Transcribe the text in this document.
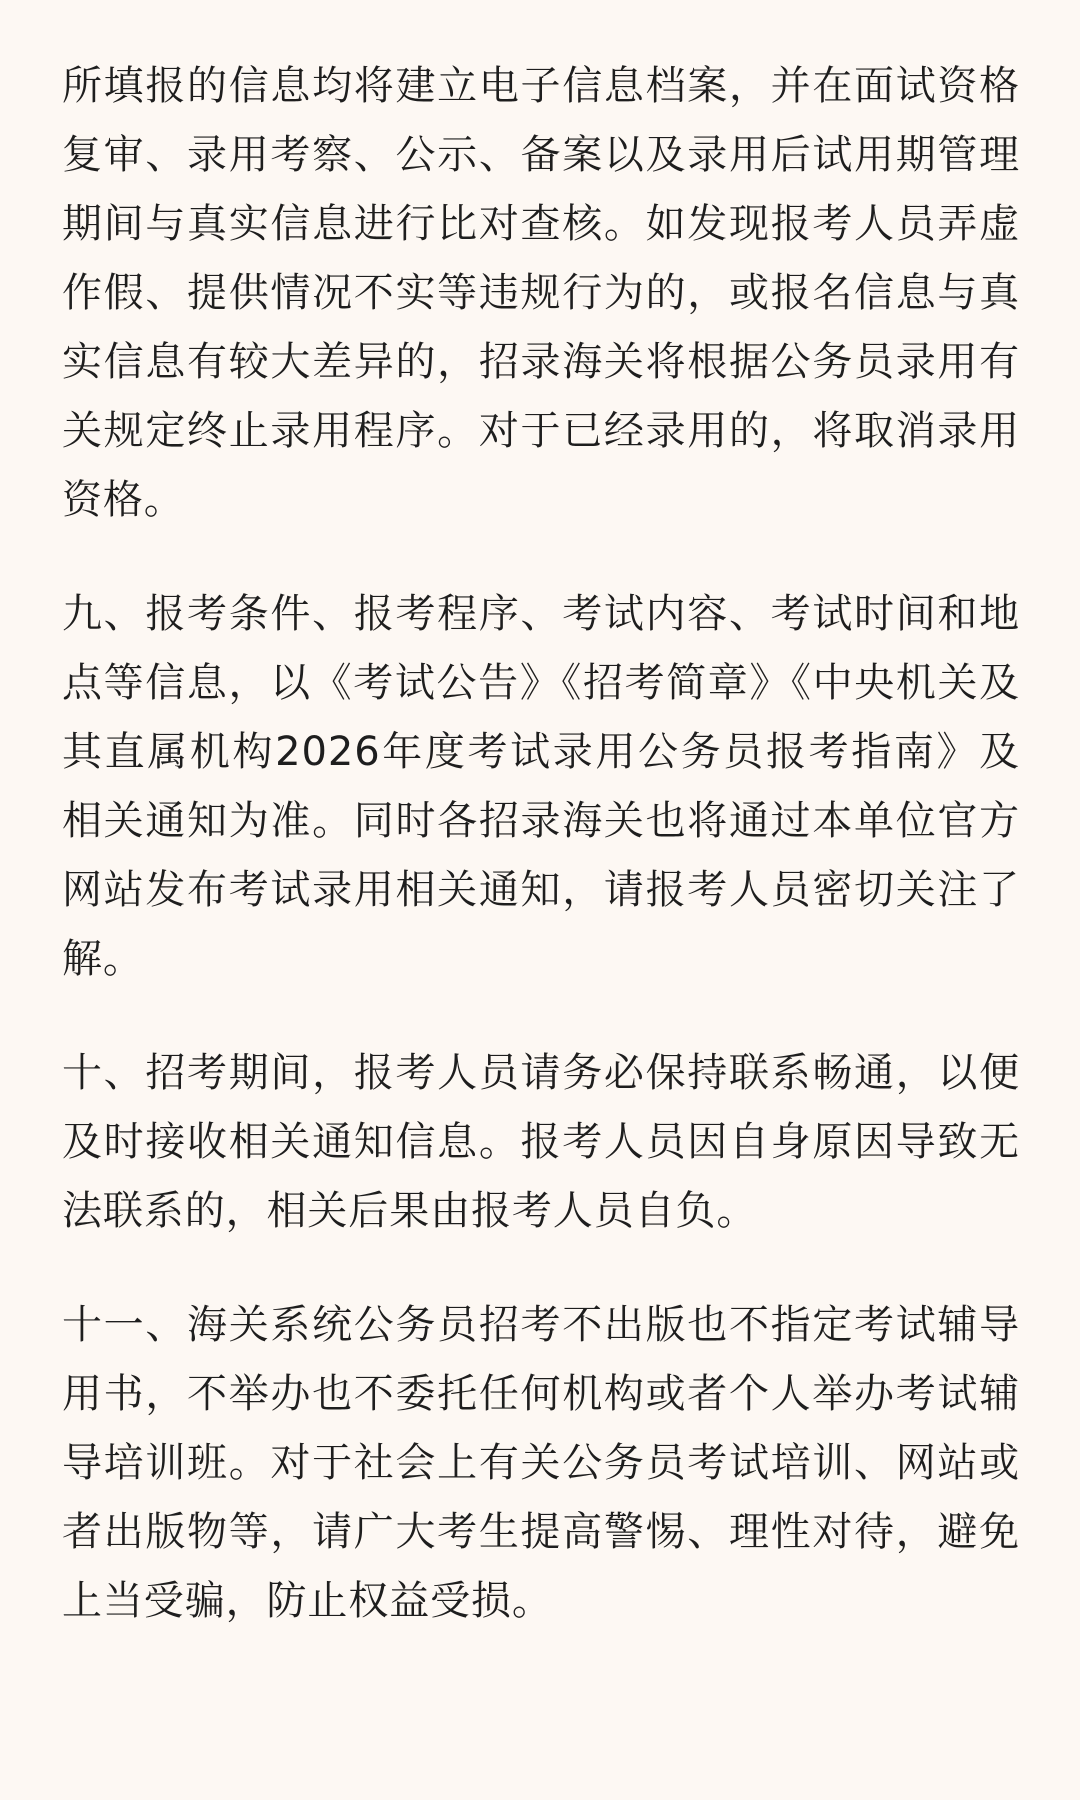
所填报的信息均将建立电子信息档案，并在面试资格复审、录用考察、公示、备案以及录用后试用期管理期间与真实信息进行比对查核。如发现报考人员弄虚作假、提供情况不实等违规行为的，或报名信息与真实信息有较大差异的，招录海关将根据公务员录用有关规定终止录用程序。对于已经录用的，将取消录用资格。

九、报考条件、报考程序、考试内容、考试时间和地点等信息，以《考试公告》《招考简章》《中央机关及其直属机构2026年度考试录用公务员报考指南》及相关通知为准。同时各招录海关也将通过本单位官方网站发布考试录用相关通知，请报考人员密切关注了解。

十、招考期间，报考人员请务必保持联系畅通，以便及时接收相关通知信息。报考人员因自身原因导致无法联系的，相关后果由报考人员自负。

十一、海关系统公务员招考不出版也不指定考试辅导用书，不举办也不委托任何机构或者个人举办考试辅导培训班。对于社会上有关公务员考试培训、网站或者出版物等，请广大考生提高警惕、理性对待，避免上当受骗，防止权益受损。
